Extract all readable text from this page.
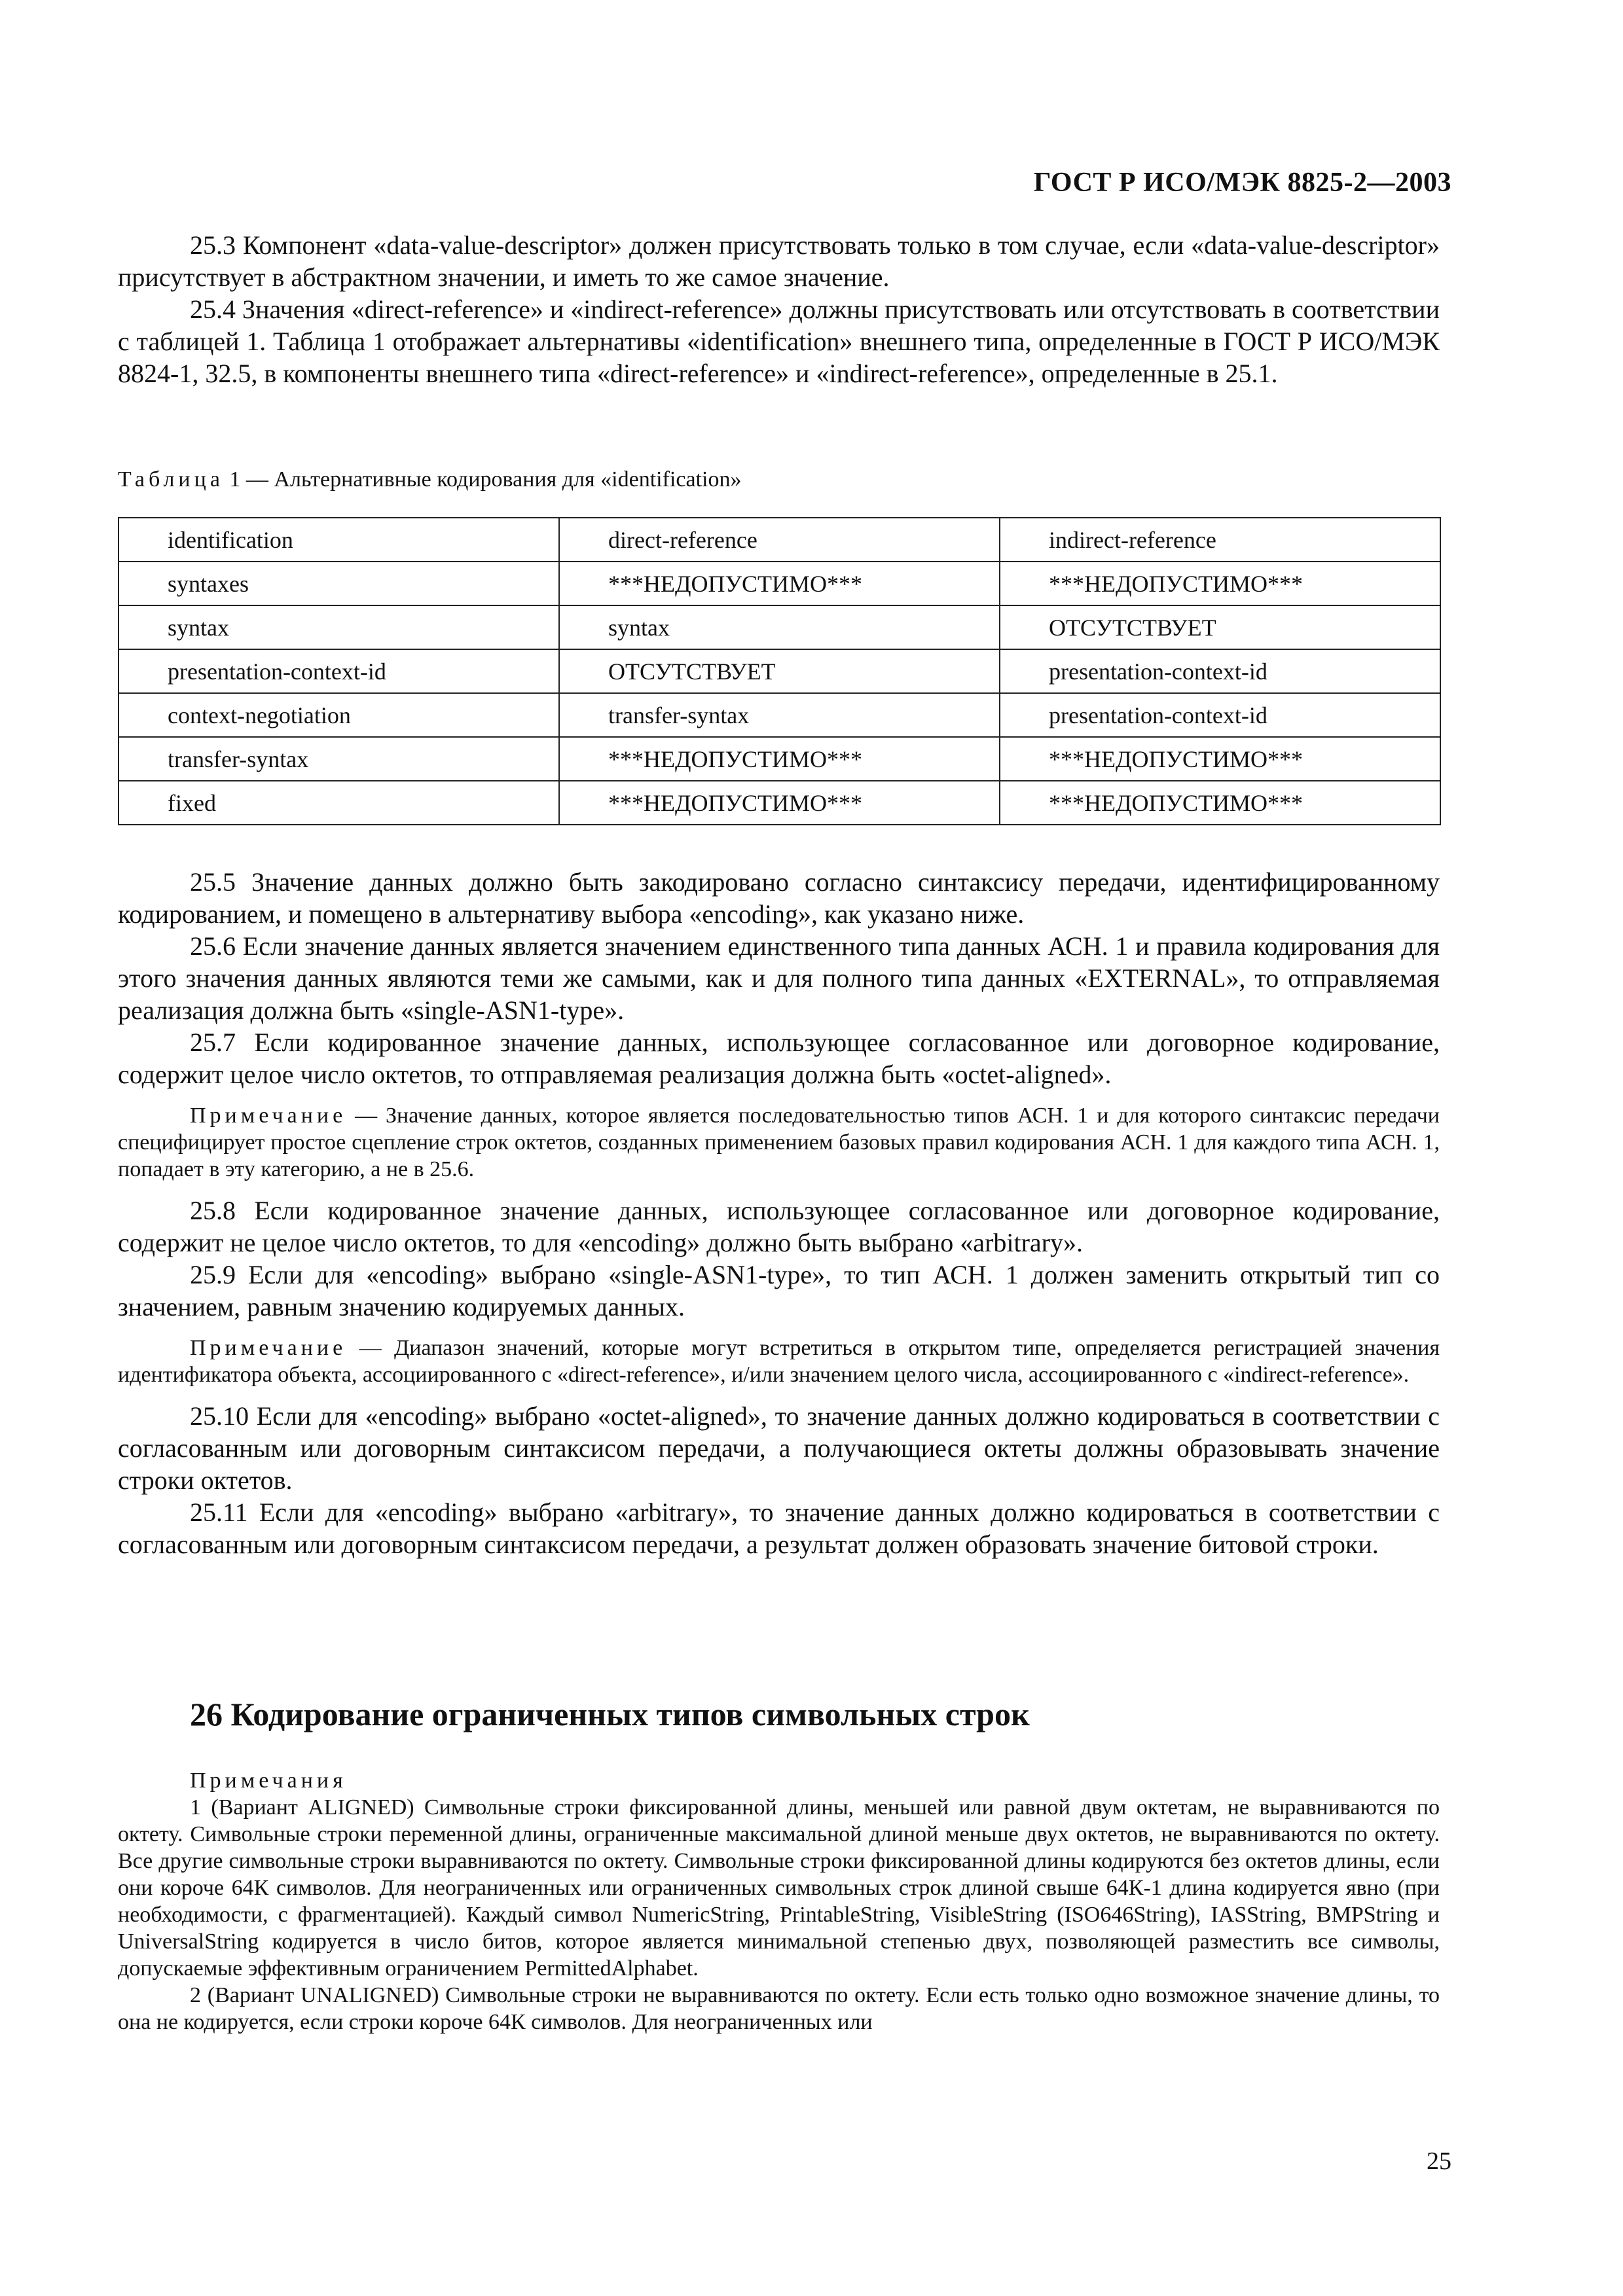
ГОСТ Р ИСО/МЭК 8825-2—2003

25.3 Компонент «data-value-descriptor» должен присутствовать только в том случае, если «data-value-descriptor» присутствует в абстрактном значении, и иметь то же самое значение.

25.4 Значения «direct-reference» и «indirect-reference» должны присутствовать или отсутствовать в соответствии с таблицей 1. Таблица 1 отображает альтернативы «identification» внешнего типа, определенные в ГОСТ Р ИСО/МЭК 8824-1, 32.5, в компоненты внешнего типа «direct-reference» и «indirect-reference», определенные в 25.1.

Таблица 1 — Альтернативные кодирования для «identification»

identification	direct-reference	indirect-reference
syntaxes	***НЕДОПУСТИМО***	***НЕДОПУСТИМО***
syntax	syntax	ОТСУТСТВУЕТ
presentation-context-id	ОТСУТСТВУЕТ	presentation-context-id
context-negotiation	transfer-syntax	presentation-context-id
transfer-syntax	***НЕДОПУСТИМО***	***НЕДОПУСТИМО***
fixed	***НЕДОПУСТИМО***	***НЕДОПУСТИМО***

25.5 Значение данных должно быть закодировано согласно синтаксису передачи, идентифицированному кодированием, и помещено в альтернативу выбора «encoding», как указано ниже.

25.6 Если значение данных является значением единственного типа данных АСН. 1 и правила кодирования для этого значения данных являются теми же самыми, как и для полного типа данных «EXTERNAL», то отправляемая реализация должна быть «single-ASN1-type».

25.7 Если кодированное значение данных, использующее согласованное или договорное кодирование, содержит целое число октетов, то отправляемая реализация должна быть «octet-aligned».

Примечание — Значение данных, которое является последовательностью типов АСН. 1 и для которого синтаксис передачи специфицирует простое сцепление строк октетов, созданных применением базовых правил кодирования АСН. 1 для каждого типа АСН. 1, попадает в эту категорию, а не в 25.6.

25.8 Если кодированное значение данных, использующее согласованное или договорное кодирование, содержит не целое число октетов, то для «encoding» должно быть выбрано «arbitrary».

25.9 Если для «encoding» выбрано «single-ASN1-type», то тип АСН. 1 должен заменить открытый тип со значением, равным значению кодируемых данных.

Примечание — Диапазон значений, которые могут встретиться в открытом типе, определяется регистрацией значения идентификатора объекта, ассоциированного с «direct-reference», и/или значением целого числа, ассоциированного с «indirect-reference».

25.10 Если для «encoding» выбрано «octet-aligned», то значение данных должно кодироваться в соответствии с согласованным или договорным синтаксисом передачи, а получающиеся октеты должны образовывать значение строки октетов.

25.11 Если для «encoding» выбрано «arbitrary», то значение данных должно кодироваться в соответствии с согласованным или договорным синтаксисом передачи, а результат должен образовать значение битовой строки.

26 Кодирование ограниченных типов символьных строк

Примечания

1 (Вариант ALIGNED) Символьные строки фиксированной длины, меньшей или равной двум октетам, не выравниваются по октету. Символьные строки переменной длины, ограниченные максимальной длиной меньше двух октетов, не выравниваются по октету. Все другие символьные строки выравниваются по октету. Символьные строки фиксированной длины кодируются без октетов длины, если они короче 64К символов. Для неограниченных или ограниченных символьных строк длиной свыше 64К-1 длина кодируется явно (при необходимости, с фрагментацией). Каждый символ NumericString, PrintableString, VisibleString (ISO646String), IASString, BMPString и UniversalString кодируется в число битов, которое является минимальной степенью двух, позволяющей разместить все символы, допускаемые эффективным ограничением PermittedAlphabet.

2 (Вариант UNALIGNED) Символьные строки не выравниваются по октету. Если есть только одно возможное значение длины, то она не кодируется, если строки короче 64К символов. Для неограниченных или

25
